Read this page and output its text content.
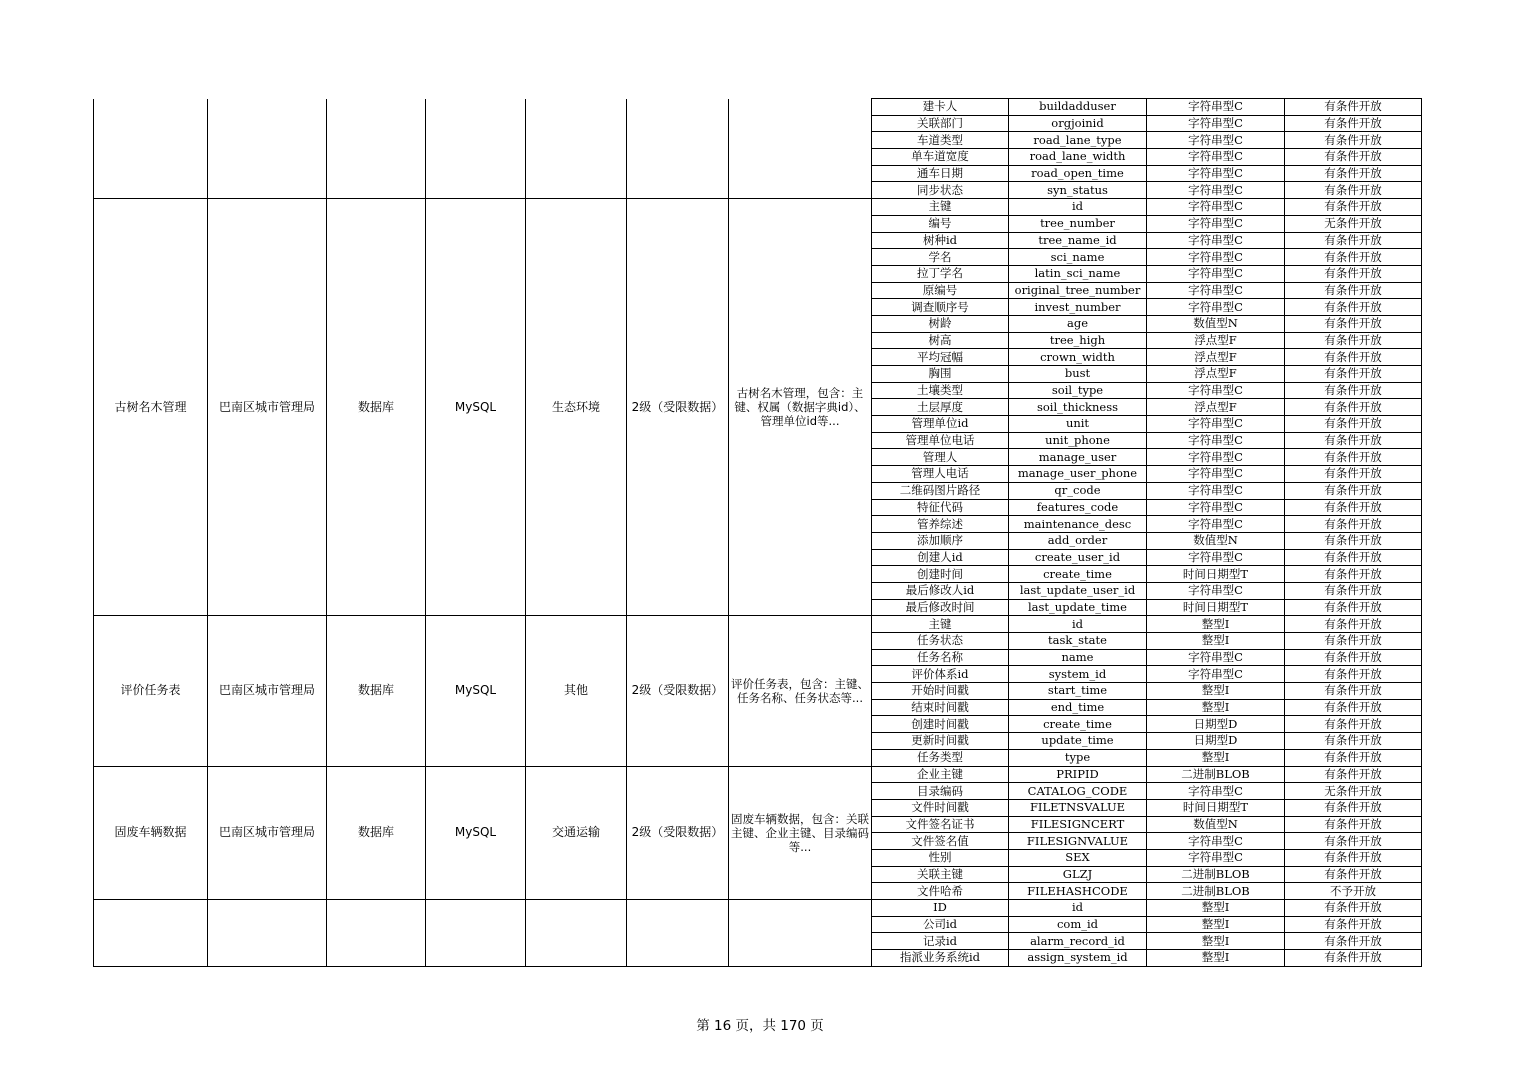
							建卡人	buildadduser	字符串型C	有条件开放
							关联部门	orgjoinid	字符串型C	有条件开放
							车道类型	road_lane_type	字符串型C	有条件开放
							单车道宽度	road_lane_width	字符串型C	有条件开放
							通车日期	road_open_time	字符串型C	有条件开放
							同步状态	syn_status	字符串型C	有条件开放
古树名木管理	巴南区城市管理局	数据库	MySQL	生态环境	2级（受限数据）	古树名木管理，包含：主键、权属（数据字典id）、管理单位id等...	主键	id	字符串型C	有条件开放
							编号	tree_number	字符串型C	无条件开放
							树种id	tree_name_id	字符串型C	有条件开放
							学名	sci_name	字符串型C	有条件开放
							拉丁学名	latin_sci_name	字符串型C	有条件开放
							原编号	original_tree_number	字符串型C	有条件开放
							调查顺序号	invest_number	字符串型C	有条件开放
							树龄	age	数值型N	有条件开放
							树高	tree_high	浮点型F	有条件开放
							平均冠幅	crown_width	浮点型F	有条件开放
							胸围	bust	浮点型F	有条件开放
							土壤类型	soil_type	字符串型C	有条件开放
							土层厚度	soil_thickness	浮点型F	有条件开放
							管理单位id	unit	字符串型C	有条件开放
							管理单位电话	unit_phone	字符串型C	有条件开放
							管理人	manage_user	字符串型C	有条件开放
							管理人电话	manage_user_phone	字符串型C	有条件开放
							二维码图片路径	qr_code	字符串型C	有条件开放
							特征代码	features_code	字符串型C	有条件开放
							管养综述	maintenance_desc	字符串型C	有条件开放
							添加顺序	add_order	数值型N	有条件开放
							创建人id	create_user_id	字符串型C	有条件开放
							创建时间	create_time	时间日期型T	有条件开放
							最后修改人id	last_update_user_id	字符串型C	有条件开放
							最后修改时间	last_update_time	时间日期型T	有条件开放
评价任务表	巴南区城市管理局	数据库	MySQL	其他	2级（受限数据）	评价任务表，包含：主键、任务名称、任务状态等...	主键	id	整型I	有条件开放
							任务状态	task_state	整型I	有条件开放
							任务名称	name	字符串型C	有条件开放
							评价体系id	system_id	字符串型C	有条件开放
							开始时间戳	start_time	整型I	有条件开放
							结束时间戳	end_time	整型I	有条件开放
							创建时间戳	create_time	日期型D	有条件开放
							更新时间戳	update_time	日期型D	有条件开放
							任务类型	type	整型I	有条件开放
固废车辆数据	巴南区城市管理局	数据库	MySQL	交通运输	2级（受限数据）	固废车辆数据，包含：关联主键、企业主键、目录编码等...	企业主键	PRIPID	二进制BLOB	有条件开放
							目录编码	CATALOG_CODE	字符串型C	无条件开放
							文件时间戳	FILETNSVALUE	时间日期型T	有条件开放
							文件签名证书	FILESIGNCERT	数值型N	有条件开放
							文件签名值	FILESIGNVALUE	字符串型C	有条件开放
							性别	SEX	字符串型C	有条件开放
							关联主键	GLZJ	二进制BLOB	有条件开放
							文件哈希	FILEHASHCODE	二进制BLOB	不予开放
							ID	id	整型I	有条件开放
							公司id	com_id	整型I	有条件开放
							记录id	alarm_record_id	整型I	有条件开放
							指派业务系统id	assign_system_id	整型I	有条件开放
第 16 页，共 170 页
